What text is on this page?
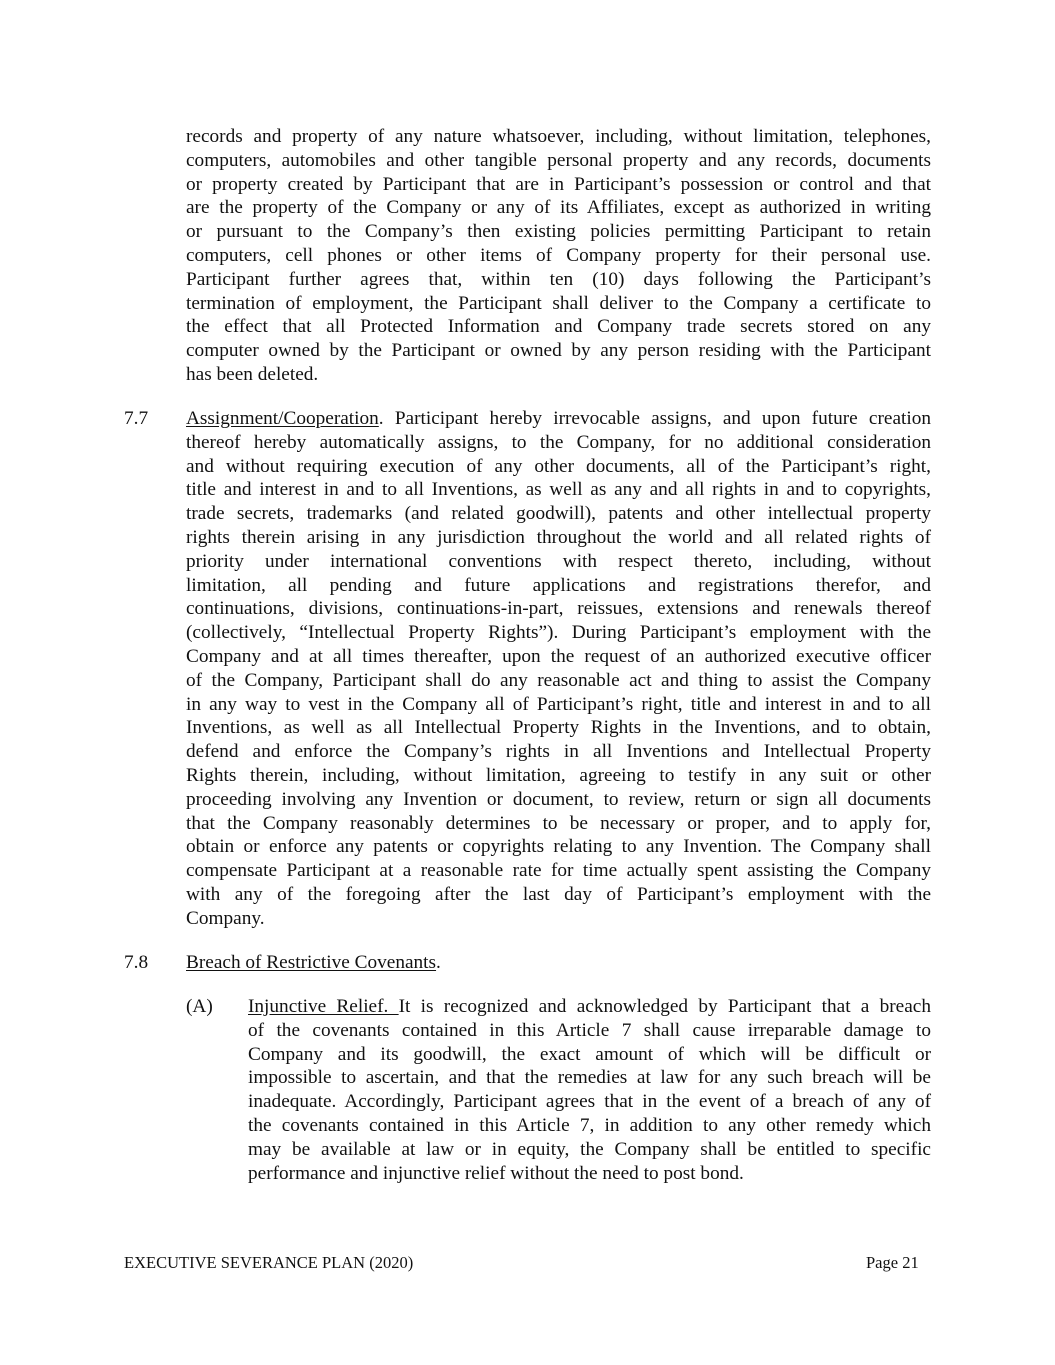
records and property of any nature whatsoever, including, without limitation, telephones,
computers, automobiles and other tangible personal property and any records, documents
or property created by Participant that are in Participant’s possession or control and that
are the property of the Company or any of its Affiliates, except as authorized in writing
or pursuant to the Company’s then existing policies permitting Participant to retain
computers, cell phones or other items of Company property for their personal use.
Participant further agrees that, within ten (10) days following the Participant’s
termination of employment, the Participant shall deliver to the Company a certificate to
the effect that all Protected Information and Company trade secrets stored on any
computer owned by the Participant or owned by any person residing with the Participant
has been deleted.
7.7 Assignment/Cooperation. Participant hereby irrevocable assigns, and upon future creation
thereof hereby automatically assigns, to the Company, for no additional consideration
and without requiring execution of any other documents, all of the Participant’s right,
title and interest in and to all Inventions, as well as any and all rights in and to copyrights,
trade secrets, trademarks (and related goodwill), patents and other intellectual property
rights therein arising in any jurisdiction throughout the world and all related rights of
priority under international conventions with respect thereto, including, without
limitation, all pending and future applications and registrations therefor, and
continuations, divisions, continuations-in-part, reissues, extensions and renewals thereof
(collectively, “Intellectual Property Rights”). During Participant’s employment with the
Company and at all times thereafter, upon the request of an authorized executive officer
of the Company, Participant shall do any reasonable act and thing to assist the Company
in any way to vest in the Company all of Participant’s right, title and interest in and to all
Inventions, as well as all Intellectual Property Rights in the Inventions, and to obtain,
defend and enforce the Company’s rights in all Inventions and Intellectual Property
Rights therein, including, without limitation, agreeing to testify in any suit or other
proceeding involving any Invention or document, to review, return or sign all documents
that the Company reasonably determines to be necessary or proper, and to apply for,
obtain or enforce any patents or copyrights relating to any Invention. The Company shall
compensate Participant at a reasonable rate for time actually spent assisting the Company
with any of the foregoing after the last day of Participant’s employment with the
Company.
7.8 Breach of Restrictive Covenants.
(A) Injunctive Relief. It is recognized and acknowledged by Participant that a breach
of the covenants contained in this Article 7 shall cause irreparable damage to
Company and its goodwill, the exact amount of which will be difficult or
impossible to ascertain, and that the remedies at law for any such breach will be
inadequate. Accordingly, Participant agrees that in the event of a breach of any of
the covenants contained in this Article 7, in addition to any other remedy which
may be available at law or in equity, the Company shall be entitled to specific
performance and injunctive relief without the need to post bond.
EXECUTIVE SEVERANCE PLAN (2020)	Page 21
